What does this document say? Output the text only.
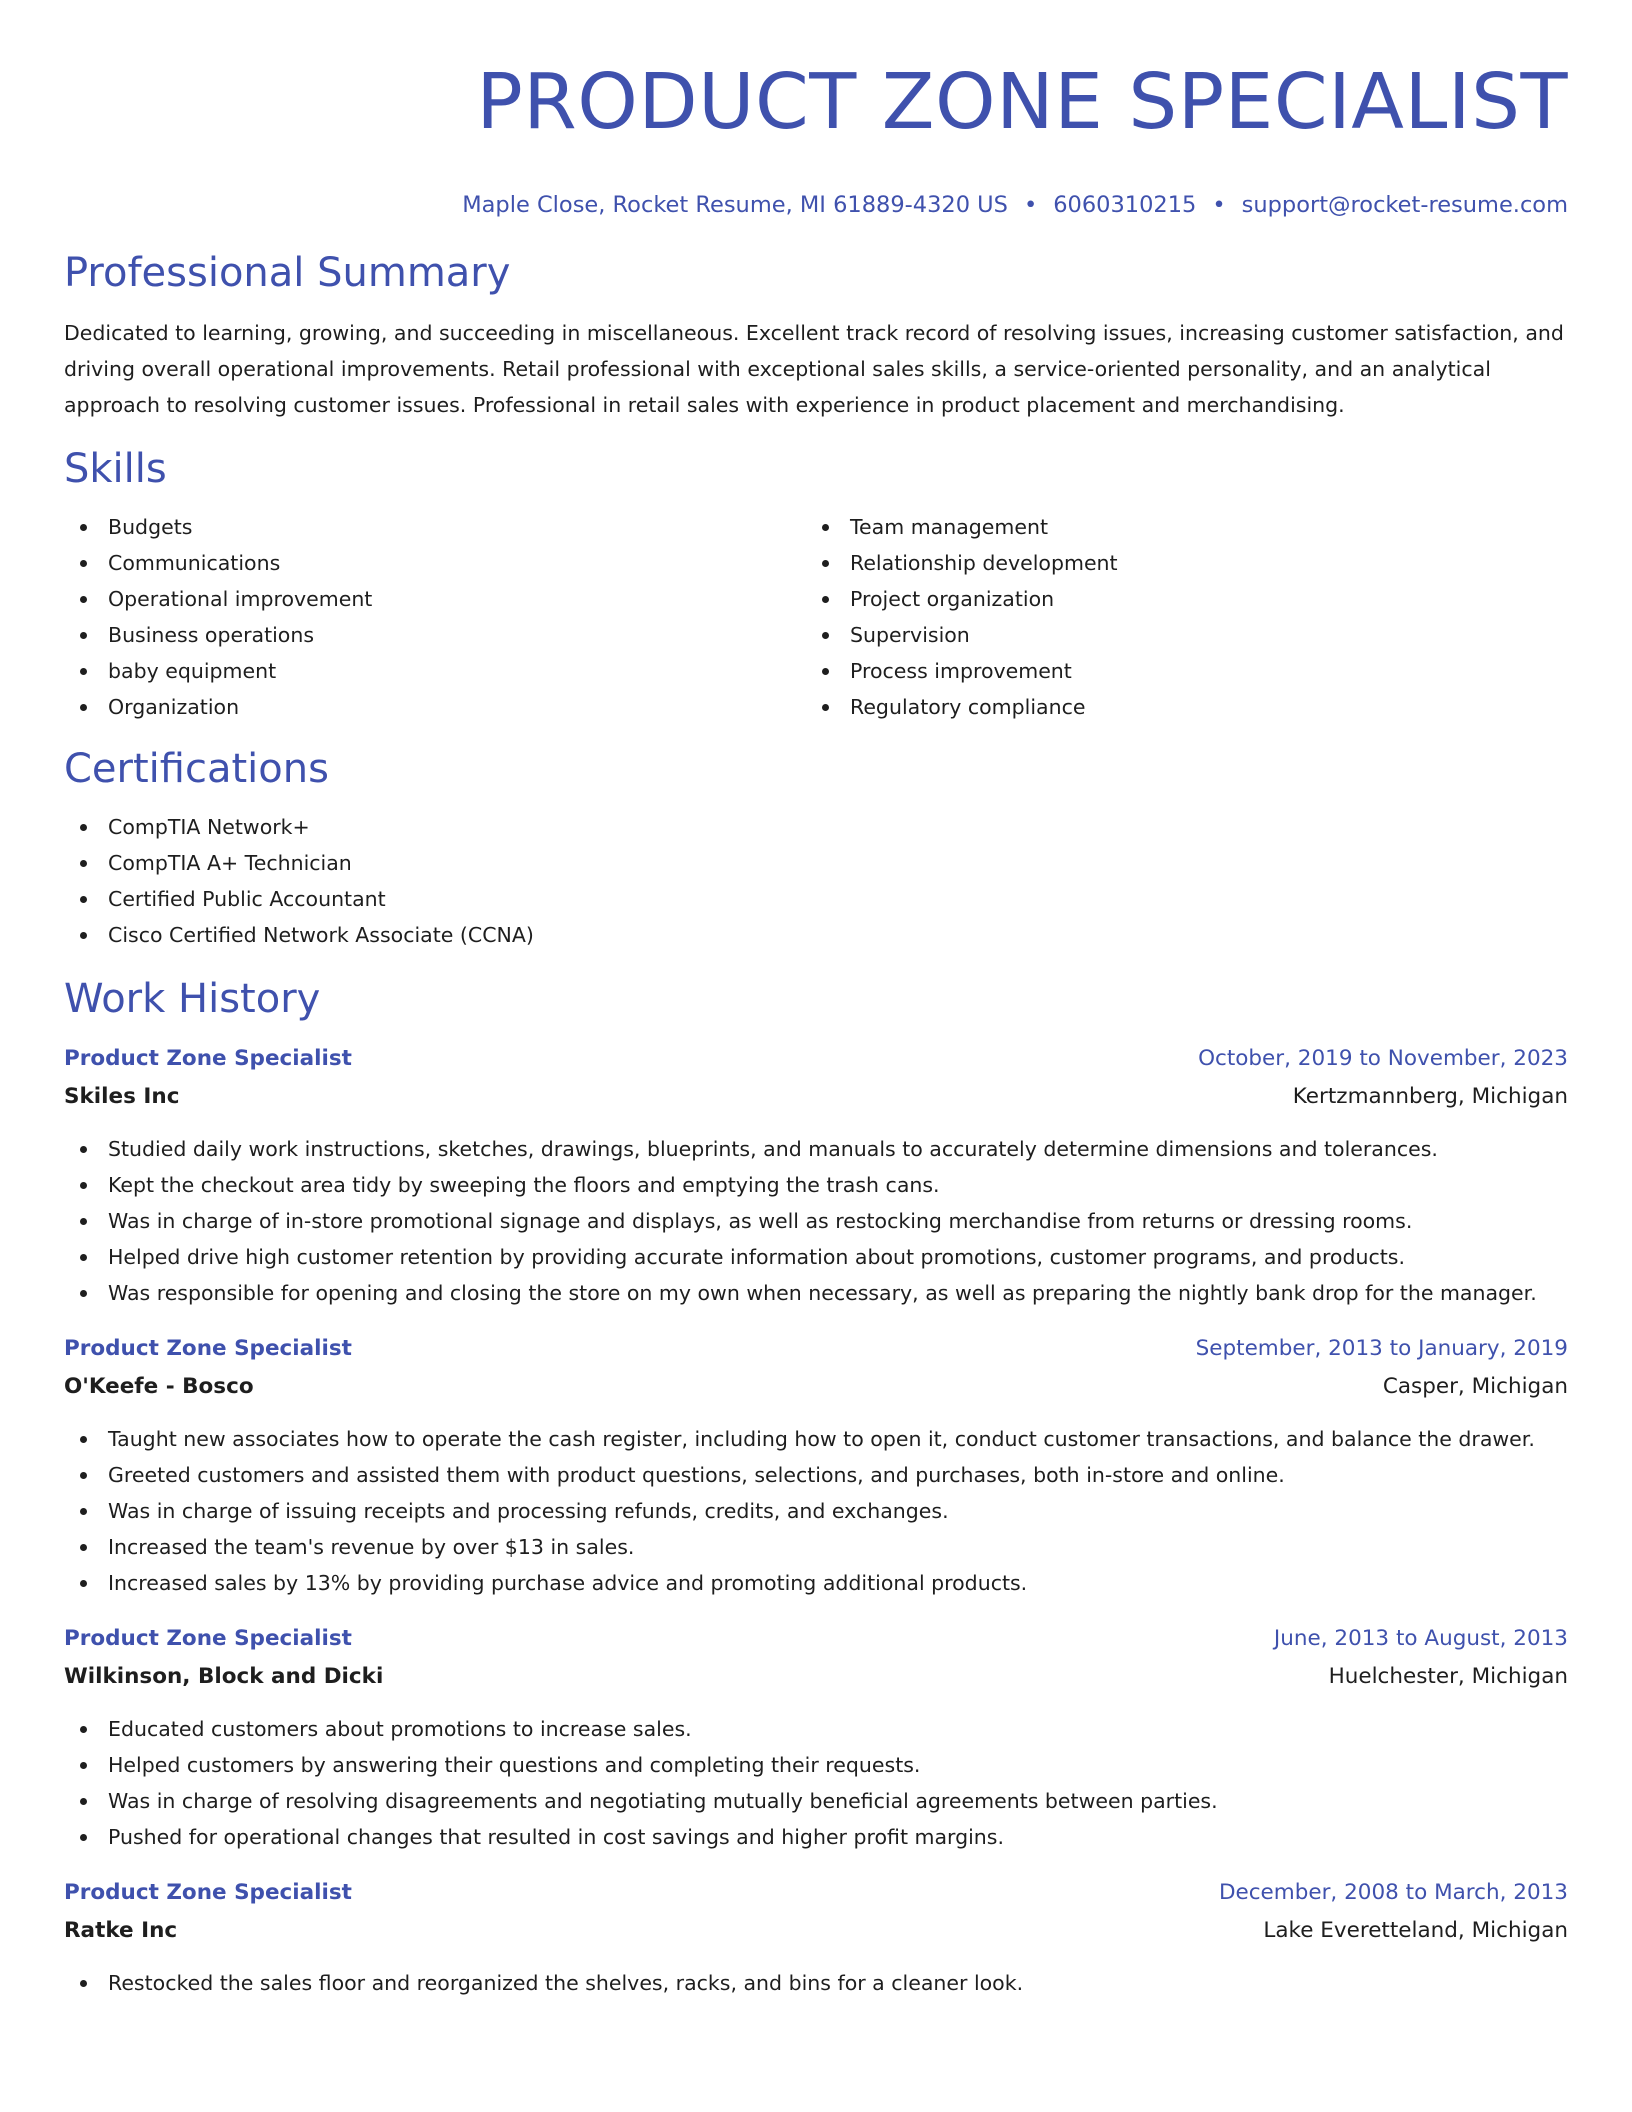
PRODUCT ZONE SPECIALIST
Maple Close, Rocket Resume, MI 61889-4320 US • 6060310215 • support@rocket-resume.com
Professional Summary

Dedicated to learning, growing, and succeeding in miscellaneous. Excellent track record of resolving issues, increasing customer satisfaction, and driving overall operational improvements. Retail professional with exceptional sales skills, a service-oriented personality, and an analytical approach to resolving customer issues. Professional in retail sales with experience in product placement and merchandising.

Skills
Budgets
Communications
Operational improvement
Business operations
baby equipment
Organization
Team management
Relationship development
Project organization
Supervision
Process improvement
Regulatory compliance
Certifications
CompTIA Network+
CompTIA A+ Technician
Certified Public Accountant
Cisco Certified Network Associate (CCNA)
Work History
Product Zone Specialist	October, 2019 to November, 2023
Skiles Inc	Kertzmannberg, Michigan
Studied daily work instructions, sketches, drawings, blueprints, and manuals to accurately determine dimensions and tolerances.
Kept the checkout area tidy by sweeping the floors and emptying the trash cans.
Was in charge of in-store promotional signage and displays, as well as restocking merchandise from returns or dressing rooms.
Helped drive high customer retention by providing accurate information about promotions, customer programs, and products.
Was responsible for opening and closing the store on my own when necessary, as well as preparing the nightly bank drop for the manager.
Product Zone Specialist	September, 2013 to January, 2019
O'Keefe - Bosco	Casper, Michigan
Taught new associates how to operate the cash register, including how to open it, conduct customer transactions, and balance the drawer.
Greeted customers and assisted them with product questions, selections, and purchases, both in-store and online.
Was in charge of issuing receipts and processing refunds, credits, and exchanges.
Increased the team's revenue by over $13 in sales.
Increased sales by 13% by providing purchase advice and promoting additional products.
Product Zone Specialist	June, 2013 to August, 2013
Wilkinson, Block and Dicki	Huelchester, Michigan
Educated customers about promotions to increase sales.
Helped customers by answering their questions and completing their requests.
Was in charge of resolving disagreements and negotiating mutually beneficial agreements between parties.
Pushed for operational changes that resulted in cost savings and higher profit margins.
Product Zone Specialist	December, 2008 to March, 2013
Ratke Inc	Lake Everetteland, Michigan
Restocked the sales floor and reorganized the shelves, racks, and bins for a cleaner look.
